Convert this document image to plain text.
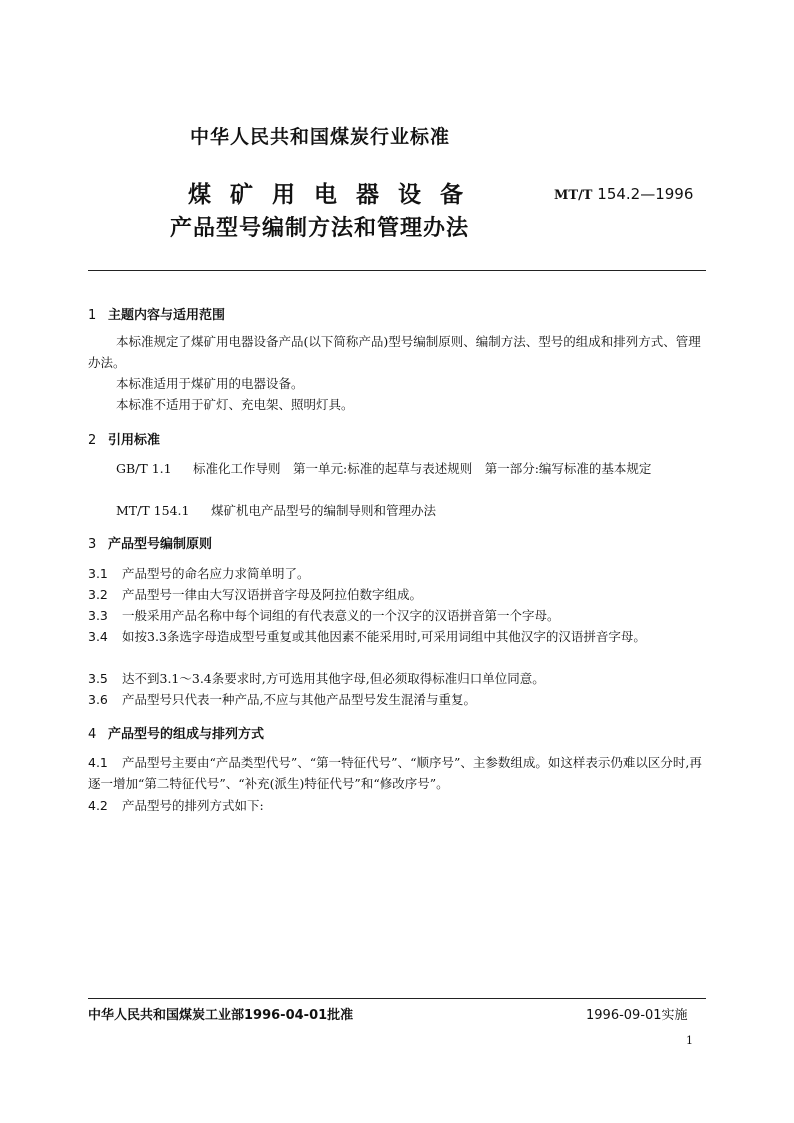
中华人民共和国煤炭行业标准
煤矿用电器设备
产品型号编制方法和管理办法
MT/T 154.2—1996
1 主题内容与适用范围
本标准规定了煤矿用电器设备产品(以下简称产品)型号编制原则、编制方法、型号的组成和排列方式、管理办法。
本标准适用于煤矿用的电器设备。
本标准不适用于矿灯、充电架、照明灯具。
2 引用标准
GB/T 1.1 标准化工作导则　第一单元:标准的起草与表述规则　第一部分:编写标准的基本规定
MT/T 154.1 煤矿机电产品型号的编制导则和管理办法
3 产品型号编制原则
3.1 产品型号的命名应力求简单明了。
3.2 产品型号一律由大写汉语拼音字母及阿拉伯数字组成。
3.3 一般采用产品名称中每个词组的有代表意义的一个汉字的汉语拼音第一个字母。
3.4 如按3.3条选字母造成型号重复或其他因素不能采用时,可采用词组中其他汉字的汉语拼音字母。
3.5 达不到3.1～3.4条要求时,方可选用其他字母,但必须取得标准归口单位同意。
3.6 产品型号只代表一种产品,不应与其他产品型号发生混淆与重复。
4 产品型号的组成与排列方式
4.1 产品型号主要由“产品类型代号”、“第一特征代号”、“顺序号”、主参数组成。如这样表示仍难以区分时,再逐一增加“第二特征代号”、“补充(派生)特征代号”和“修改序号”。
4.2 产品型号的排列方式如下:
中华人民共和国煤炭工业部1996-04-01批准	1996-09-01实施
1
